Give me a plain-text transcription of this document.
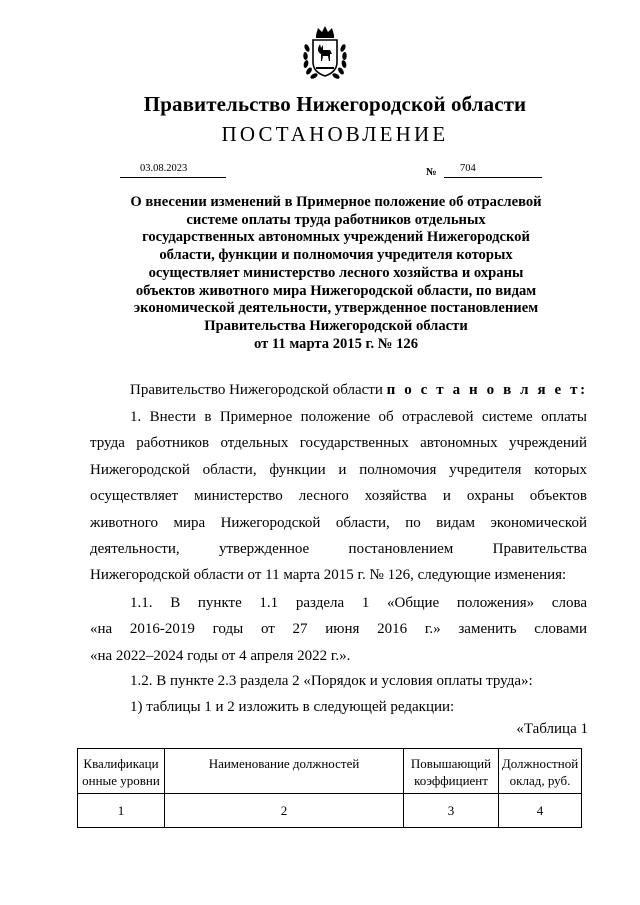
Правительство Нижегородской области
ПОСТАНОВЛЕНИЕ
03.08.2023	№ 704
О внесении изменений в Примерное положение об отраслевой
системе оплаты труда работников отдельных
государственных автономных учреждений Нижегородской
области, функции и полномочия учредителя которых
осуществляет министерство лесного хозяйства и охраны
объектов животного мира Нижегородской области, по видам
экономической деятельности, утвержденное постановлением
Правительства Нижегородской области
от 11 марта 2015 г. № 126
Правительство Нижегородской области п о с т а н о в л я е т:
1. Внести в Примерное положение об отраслевой системе оплаты
труда работников отдельных государственных автономных учреждений
Нижегородской области, функции и полномочия учредителя которых
осуществляет министерство лесного хозяйства и охраны объектов
животного мира Нижегородской области, по видам экономической
деятельности, утвержденное постановлением Правительства
Нижегородской области от 11 марта 2015 г. № 126, следующие изменения:
1.1. В пункте 1.1 раздела 1 «Общие положения» слова
«на 2016-2019 годы от 27 июня 2016 г.» заменить словами
«на 2022–2024 годы от 4 апреля 2022 г.».
1.2. В пункте 2.3 раздела 2 «Порядок и условия оплаты труда»:
1) таблицы 1 и 2 изложить в следующей редакции:
«Таблица 1
Квалификаци онные уровни	Наименование должностей	Повышающий коэффициент	Должностной оклад, руб.
1	2	3	4
